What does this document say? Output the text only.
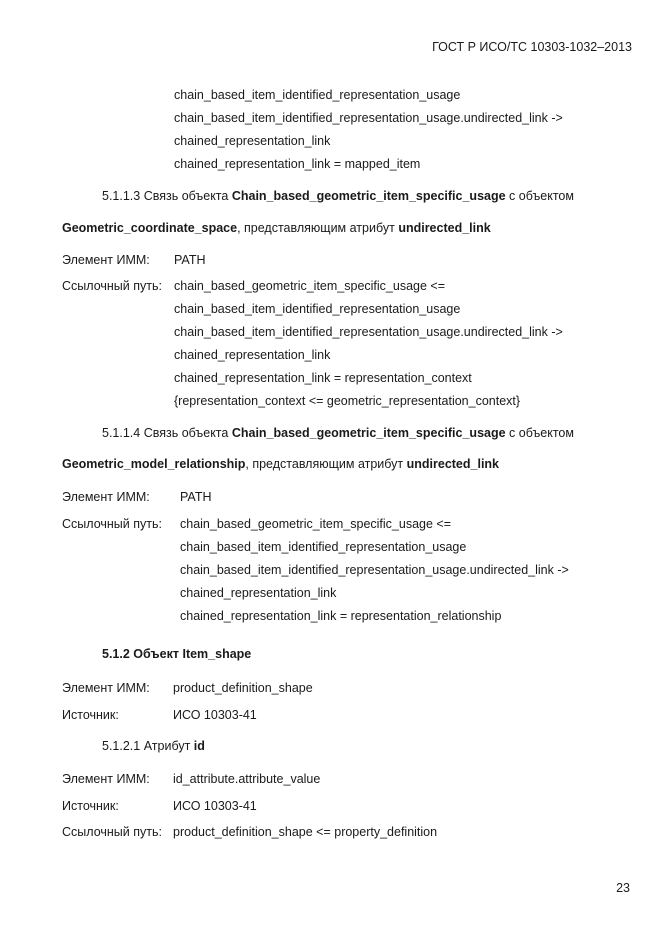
ГОСТ Р ИСО/ТС 10303-1032–2013
chain_based_item_identified_representation_usage
chain_based_item_identified_representation_usage.undirected_link ->
chained_representation_link
chained_representation_link = mapped_item
5.1.1.3 Связь объекта Chain_based_geometric_item_specific_usage с объектом
Geometric_coordinate_space, представляющим атрибут undirected_link
Элемент ИММ: PATH
Ссылочный путь: chain_based_geometric_item_specific_usage <=
chain_based_item_identified_representation_usage
chain_based_item_identified_representation_usage.undirected_link ->
chained_representation_link
chained_representation_link = representation_context
{representation_context <= geometric_representation_context}
5.1.1.4 Связь объекта Chain_based_geometric_item_specific_usage с объектом
Geometric_model_relationship, представляющим атрибут undirected_link
Элемент ИММ: PATH
Ссылочный путь: chain_based_geometric_item_specific_usage <=
chain_based_item_identified_representation_usage
chain_based_item_identified_representation_usage.undirected_link ->
chained_representation_link
chained_representation_link = representation_relationship
5.1.2 Объект Item_shape
Элемент ИММ: product_definition_shape
Источник:	ИСО 10303-41
5.1.2.1 Атрибут id
Элемент ИММ: id_attribute.attribute_value
Источник:	ИСО 10303-41
Ссылочный путь: product_definition_shape <= property_definition
23
